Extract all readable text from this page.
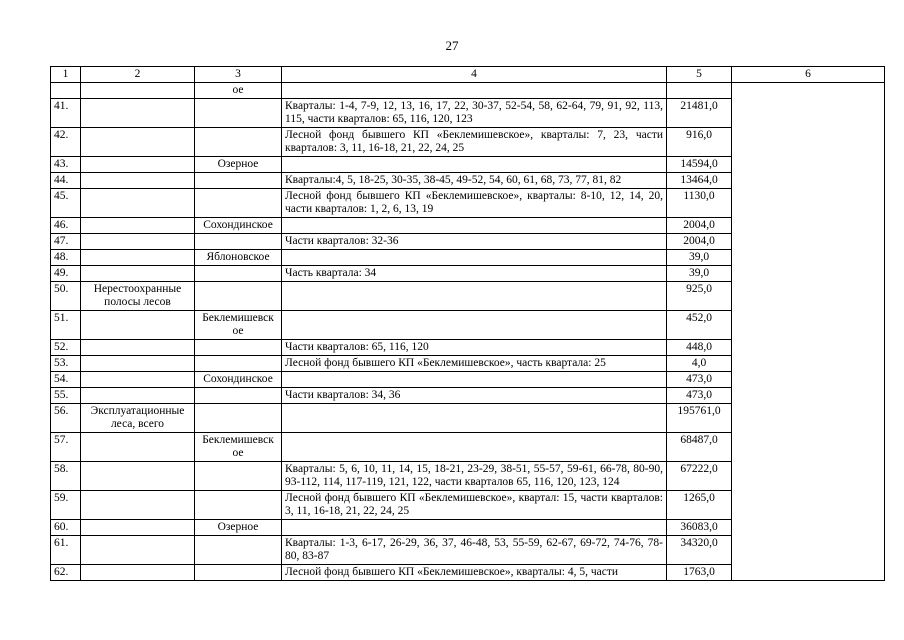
27
1	2	3	4	5	6
		ое			
41.			Кварталы: 1-4, 7-9, 12, 13, 16, 17, 22, 30-37, 52-54, 58, 62-64, 79, 91, 92, 113, 115, части кварталов: 65, 116, 120, 123	21481,0	
42.			Лесной фонд бывшего КП «Беклемишевское», кварталы: 7, 23, части кварталов: 3, 11, 16-18, 21, 22, 24, 25	916,0	
43.		Озерное		14594,0	
44.			Кварталы:4, 5, 18-25, 30-35, 38-45, 49-52, 54, 60, 61, 68, 73, 77, 81, 82	13464,0	
45.			Лесной фонд бывшего КП «Беклемишевское», кварталы: 8-10, 12, 14, 20, части кварталов: 1, 2, 6, 13, 19	1130,0	
46.		Сохондинское		2004,0	
47.			Части кварталов: 32-36	2004,0	
48.		Яблоновское		39,0	
49.			Часть квартала: 34	39,0	
50.	Нерестоохранные полосы лесов			925,0	
51.		Беклемишевск ое		452,0	
52.			Части кварталов: 65, 116, 120	448,0	
53.			Лесной фонд бывшего КП «Беклемишевское», часть квартала: 25	4,0	
54.		Сохондинское		473,0	
55.			Части кварталов: 34, 36	473,0	
56.	Эксплуатационные леса, всего			195761,0	
57.		Беклемишевск ое		68487,0	
58.			Кварталы: 5, 6, 10, 11, 14, 15, 18-21, 23-29, 38-51, 55-57, 59-61, 66-78, 80-90, 93-112, 114, 117-119, 121, 122, части кварталов 65, 116, 120, 123, 124	67222,0	
59.			Лесной фонд бывшего КП «Беклемишевское», квартал: 15, части кварталов: 3, 11, 16-18, 21, 22, 24, 25	1265,0	
60.		Озерное		36083,0	
61.			Кварталы: 1-3, 6-17, 26-29, 36, 37, 46-48, 53, 55-59, 62-67, 69-72, 74-76, 78-80, 83-87	34320,0	
62.			Лесной фонд бывшего КП «Беклемишевское», кварталы: 4, 5, части	1763,0	
